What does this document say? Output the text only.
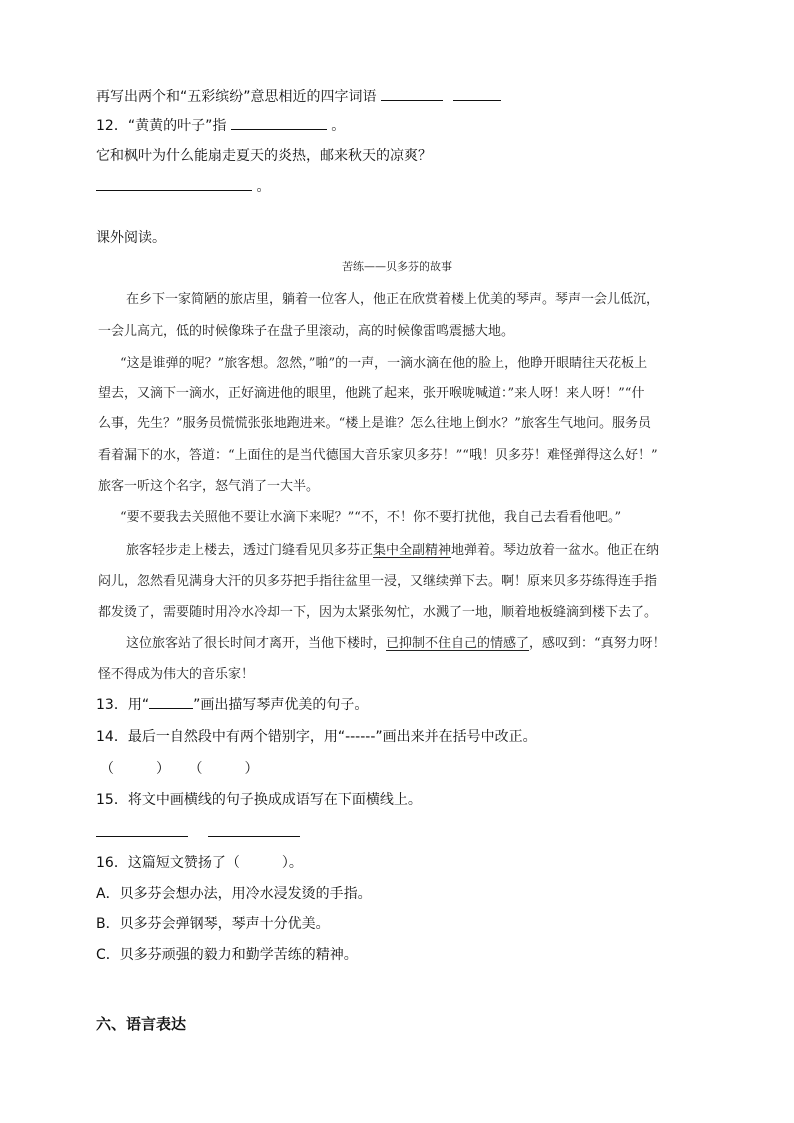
再写出两个和“五彩缤纷”意思相近的四字词语
12．“黄黄的叶子”指	。
它和枫叶为什么能扇走夏天的炎热，邮来秋天的凉爽？
。
课外阅读。
苦练——贝多芬的故事
在乡下一家简陋的旅店里，躺着一位客人，他正在欣赏着楼上优美的琴声。琴声一会儿低沉，
一会儿高亢，低的时候像珠子在盘子里滚动，高的时候像雷鸣震撼大地。
“这是谁弹的呢？”旅客想。忽然，”啪”的一声，一滴水滴在他的脸上，他睁开眼睛往天花板上
望去，又滴下一滴水，正好滴进他的眼里，他跳了起来，张开喉咙喊道：”来人呀！来人呀！”“什
么事，先生？”服务员慌慌张张地跑进来。“楼上是谁？怎么往地上倒水？”旅客生气地问。服务员
看着漏下的水，答道：“上面住的是当代德国大音乐家贝多芬！”“哦！贝多芬！难怪弹得这么好！”
旅客一听这个名字，怒气消了一大半。
“要不要我去关照他不要让水滴下来呢？”“不，不！你不要打扰他，我自己去看看他吧。”
旅客轻步走上楼去，透过门缝看见贝多芬正集中全副精神地弹着。琴边放着一盆水。他正在纳
闷儿，忽然看见满身大汗的贝多芬把手指往盆里一浸，又继续弹下去。啊！原来贝多芬练得连手指
都发烫了，需要随时用冷水冷却一下，因为太紧张匆忙，水溅了一地，顺着地板缝滴到楼下去了。
这位旅客站了很长时间才离开，当他下楼时，已抑制不住自己的情感了，感叹到：“真努力呀！
怪不得成为伟大的音乐家！
13．用“	”画出描写琴声优美的句子。
14．最后一自然段中有两个错别字，用“------”画出来并在括号中改正。
（　　　） （　　　）
15．将文中画横线的句子换成成语写在下面横线上。

16．这篇短文赞扬了（　　　）。
A．贝多芬会想办法，用冷水浸发烫的手指。
B．贝多芬会弹钢琴，琴声十分优美。
C．贝多芬顽强的毅力和勤学苦练的精神。
六、语言表达
